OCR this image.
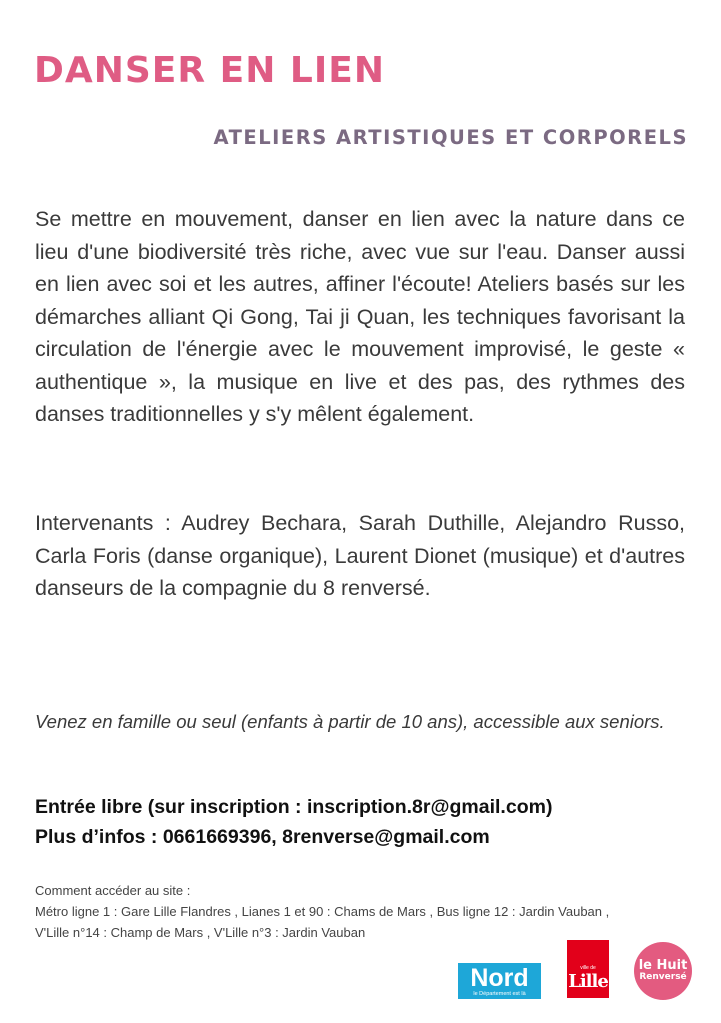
DANSER EN LIEN
ATELIERS ARTISTIQUES ET CORPORELS

Se mettre en mouvement, danser en lien avec la nature dans ce lieu d'une biodiversité très riche, avec vue sur l'eau. Danser aussi en lien avec soi et les autres, affiner l'écoute! Ateliers basés sur les démarches alliant Qi Gong, Tai ji Quan, les techniques favorisant la circulation de l'énergie avec le mouvement improvisé, le geste « authentique », la musique en live et des pas, des rythmes des danses traditionnelles y s'y mêlent également.

Intervenants : Audrey Bechara, Sarah Duthille, Alejandro Russo, Carla Foris (danse organique), Laurent Dionet (musique) et d'autres danseurs de la compagnie du 8 renversé.

Venez en famille ou seul (enfants à partir de 10 ans), accessible aux seniors.

Entrée libre (sur inscription : inscription.8r@gmail.com)

Plus d’infos : 0661669396, 8renverse@gmail.com

Comment accéder au site :
Métro ligne 1 : Gare Lille Flandres , Lianes 1 et 90 : Chams de Mars , Bus ligne 12 : Jardin Vauban ,
V'Lille n°14 : Champ de Mars , V'Lille n°3 : Jardin Vauban
Nord
le Département est là
ville de
Lille
le Huit
Renversé
